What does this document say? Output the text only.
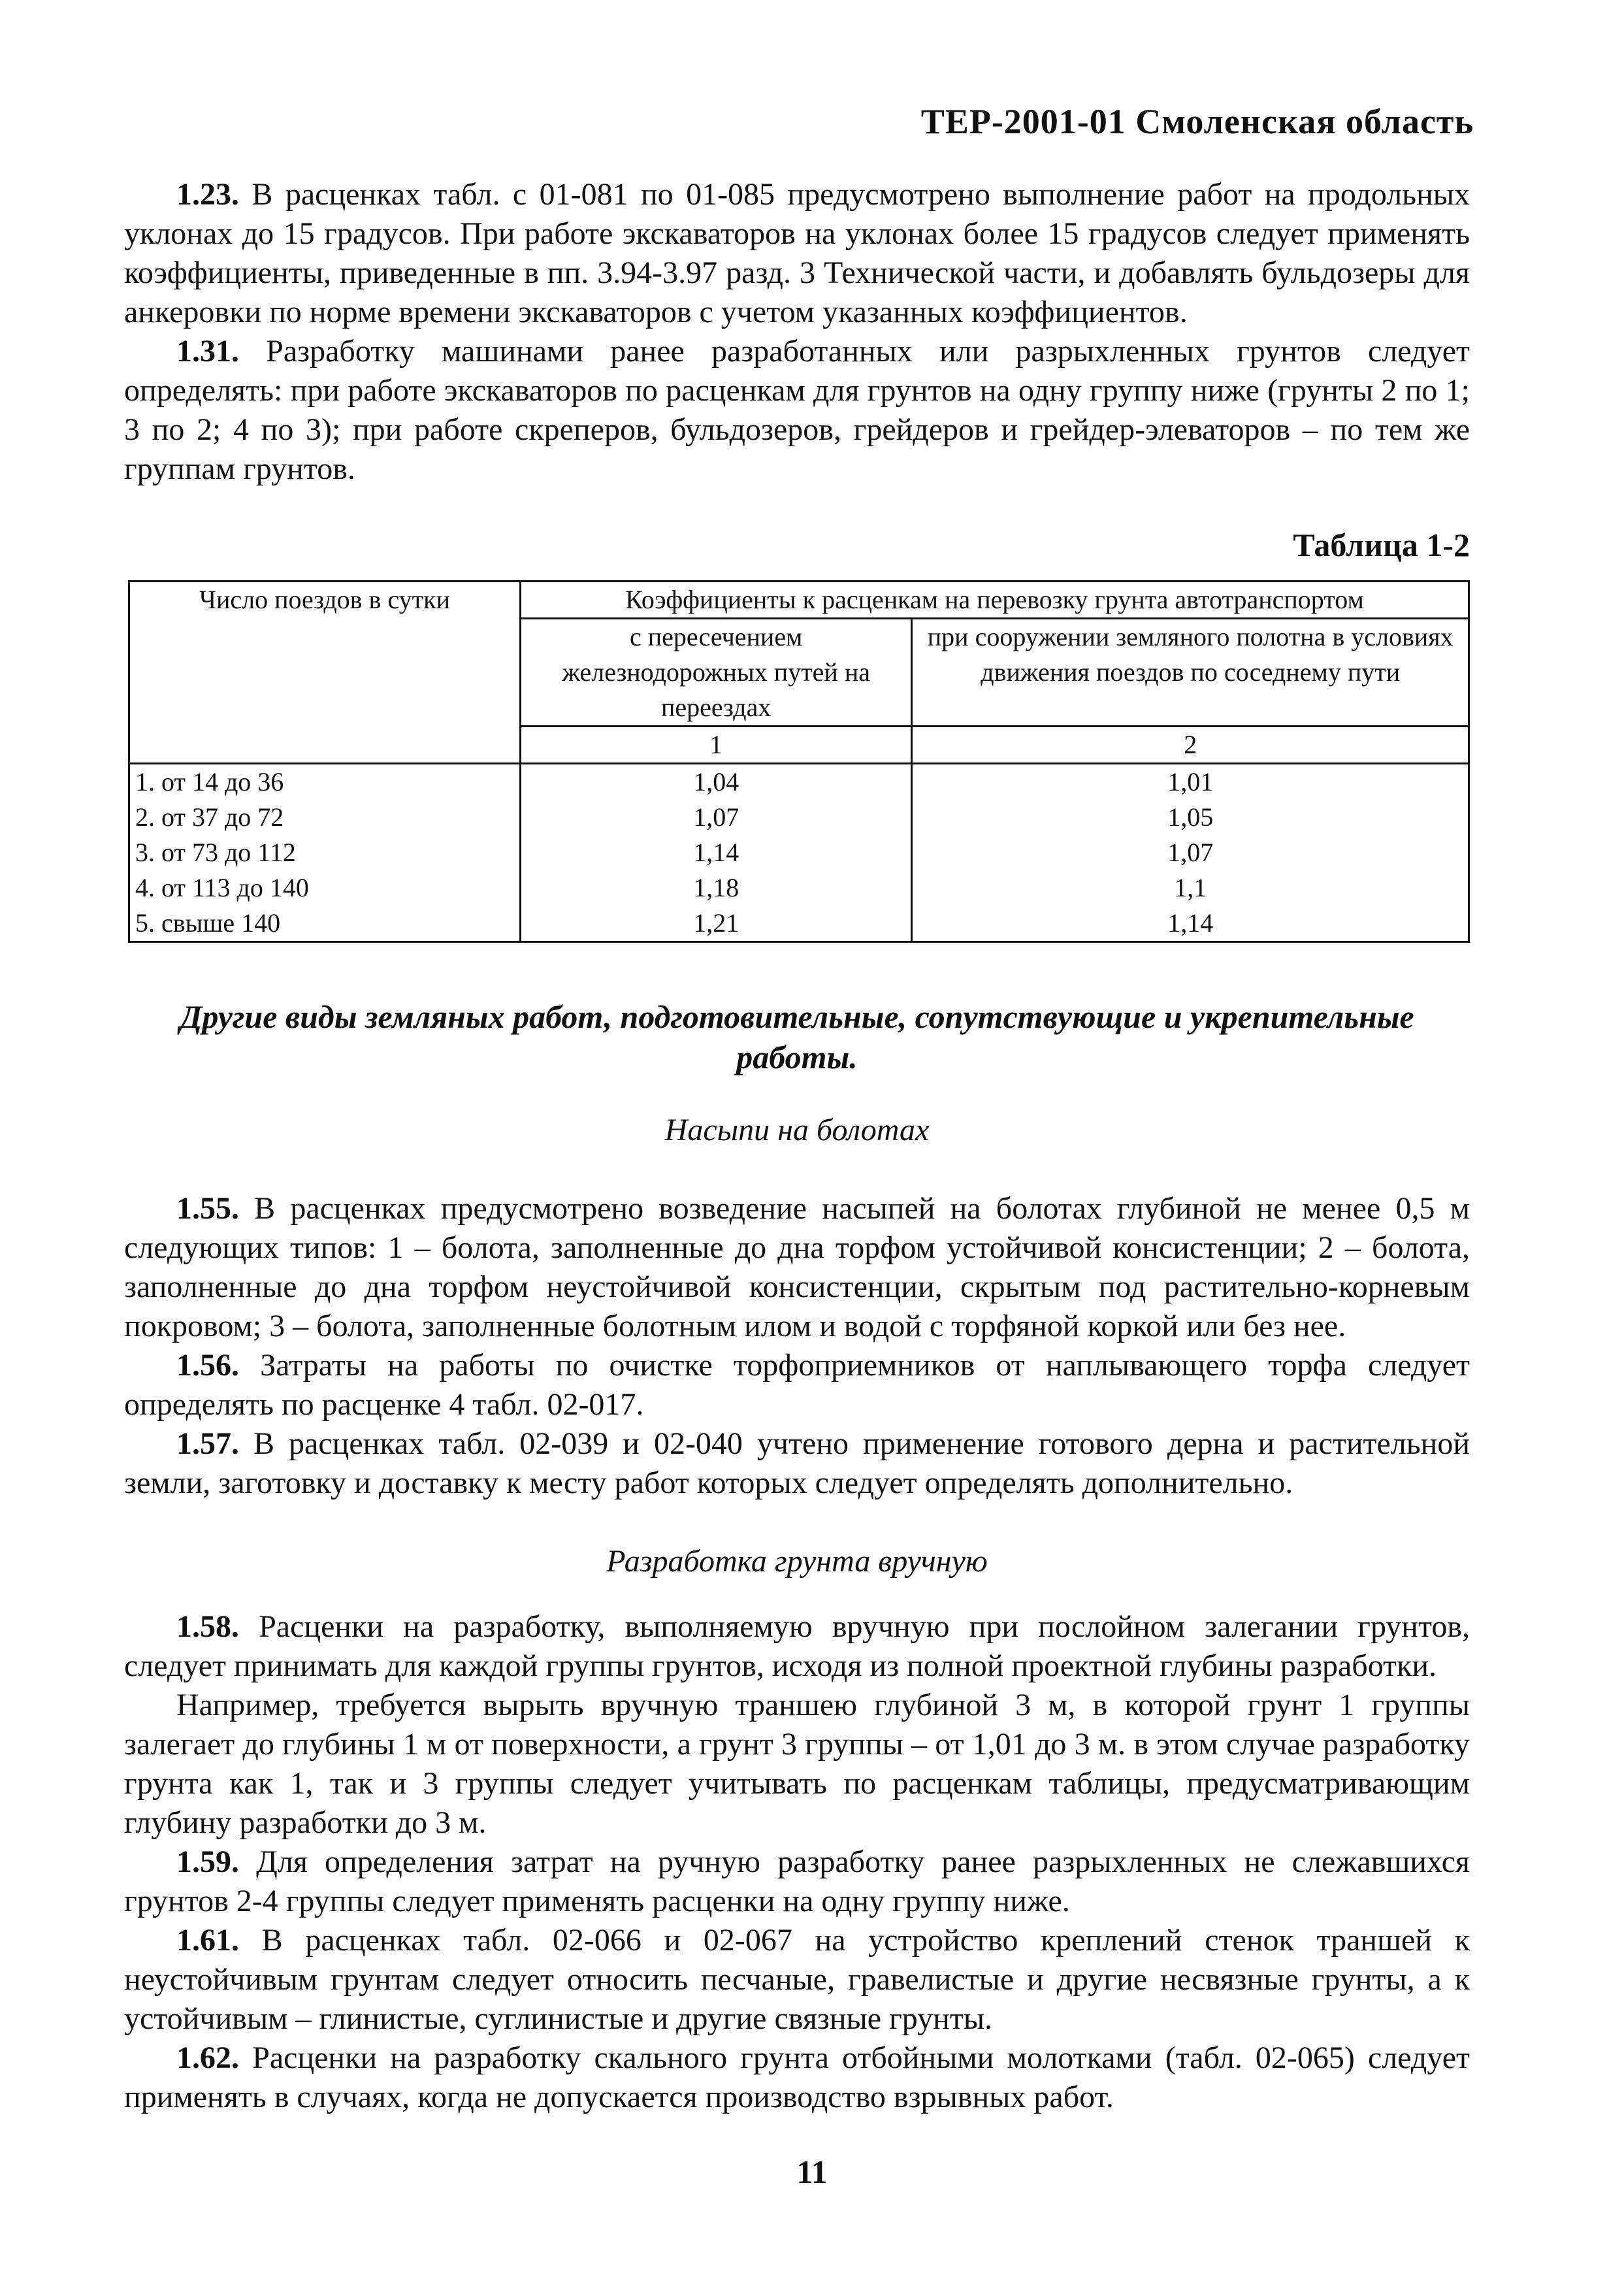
ТЕР-2001-01 Смоленская область

1.23. В расценках табл. с 01-081 по 01-085 предусмотрено выполнение работ на продольных уклонах до 15 градусов. При работе экскаваторов на уклонах более 15 градусов следует применять коэффициенты, приведенные в пп. 3.94-3.97 разд. 3 Технической части, и добавлять бульдозеры для анкеровки по норме времени экскаваторов с учетом указанных коэффициентов.

1.31. Разработку машинами ранее разработанных или разрыхленных грунтов следует определять: при работе экскаваторов по расценкам для грунтов на одну группу ниже (грунты 2 по 1; 3 по 2; 4 по 3); при работе скреперов, бульдозеров, грейдеров и грейдер-элеваторов – по тем же группам грунтов.

Таблица 1-2
Число поездов в сутки	Коэффициенты к расценкам на перевозку грунта автотранспортом	
	с пересечением железнодорожных путей на переездах	при сооружении земляного полотна в условиях движения поездов по соседнему пути
	1	2
1. от 14 до 36	1,04	1,01
2. от 37 до 72	1,07	1,05
3. от 73 до 112	1,14	1,07
4. от 113 до 140	1,18	1,1
5. свыше 140	1,21	1,14
Другие виды земляных работ, подготовительные, сопутствующие и укрепительные работы.
Насыпи на болотах

1.55. В расценках предусмотрено возведение насыпей на болотах глубиной не менее 0,5 м следующих типов: 1 – болота, заполненные до дна торфом устойчивой консистенции; 2 – болота, заполненные до дна торфом неустойчивой консистенции, скрытым под растительно-корневым покровом; 3 – болота, заполненные болотным илом и водой с торфяной коркой или без нее.

1.56. Затраты на работы по очистке торфоприемников от наплывающего торфа следует определять по расценке 4 табл. 02-017.

1.57. В расценках табл. 02-039 и 02-040 учтено применение готового дерна и растительной земли, заготовку и доставку к месту работ которых следует определять дополнительно.

Разработка грунта вручную

1.58. Расценки на разработку, выполняемую вручную при послойном залегании грунтов, следует принимать для каждой группы грунтов, исходя из полной проектной глубины разработки.

Например, требуется вырыть вручную траншею глубиной 3 м, в которой грунт 1 группы залегает до глубины 1 м от поверхности, а грунт 3 группы – от 1,01 до 3 м. в этом случае разработку грунта как 1, так и 3 группы следует учитывать по расценкам таблицы, предусматривающим глубину разработки до 3 м.

1.59. Для определения затрат на ручную разработку ранее разрыхленных не слежавшихся грунтов 2-4 группы следует применять расценки на одну группу ниже.

1.61. В расценках табл. 02-066 и 02-067 на устройство креплений стенок траншей к неустойчивым грунтам следует относить песчаные, гравелистые и другие несвязные грунты, а к устойчивым – глинистые, суглинистые и другие связные грунты.

1.62. Расценки на разработку скального грунта отбойными молотками (табл. 02-065) следует применять в случаях, когда не допускается производство взрывных работ.

11
